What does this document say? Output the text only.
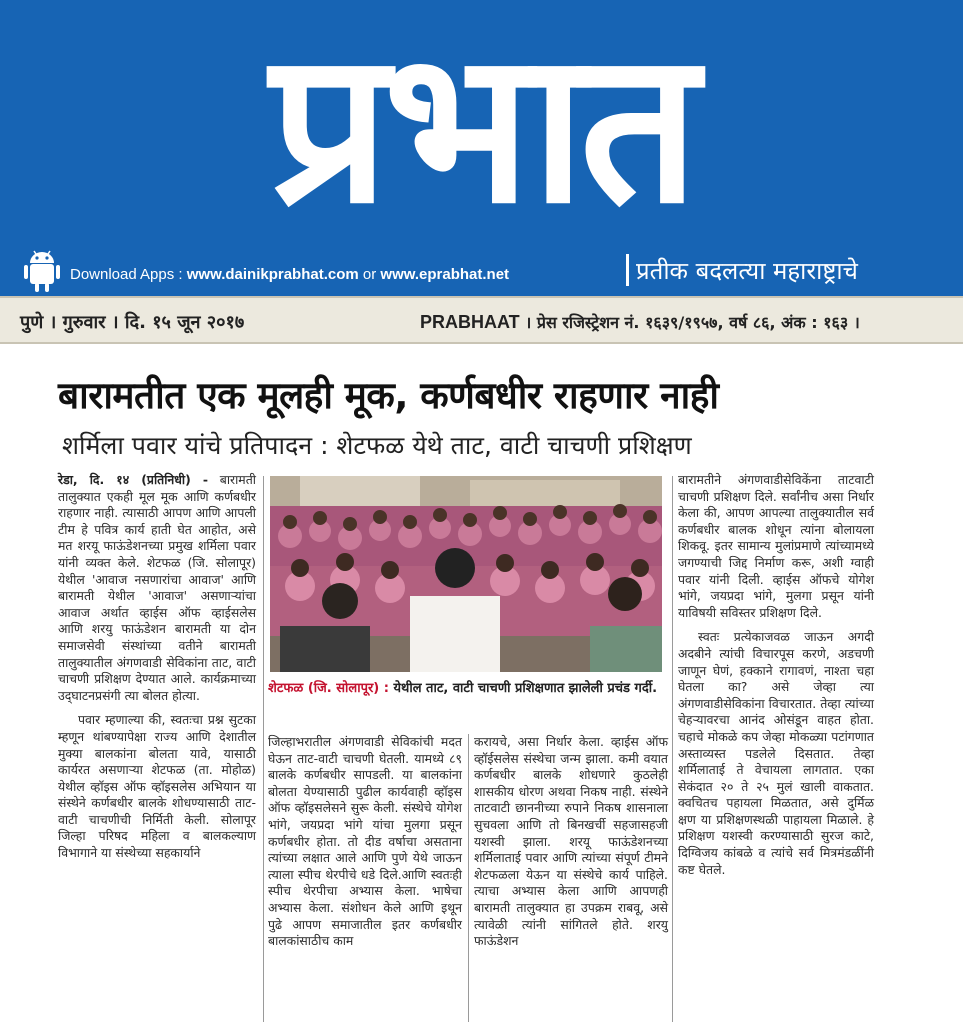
प्रभात
Download Apps : www.dainikprabhat.com or www.eprabhat.net	प्रतीक बदलत्या महाराष्ट्राचे
पुणे । गुरुवार । दि. १५ जून २०१७	PRABHAAT । प्रेस रजिस्ट्रेशन नं. १६३९/१९५७, वर्ष ८६, अंक : १६३ ।
बारामतीत एक मूलही मूक, कर्णबधीर राहणार नाही
शर्मिला पवार यांचे प्रतिपादन : शेटफळ येथे ताट, वाटी चाचणी प्रशिक्षण

रेडा, दि. १४ (प्रतिनिधी) - बारामती तालुक्यात एकही मूल मूक आणि कर्णबधीर राहणार नाही. त्यासाठी आपण आणि आपली टीम हे पवित्र कार्य हाती घेत आहोत, असे मत शरयू फाऊंडेशनच्या प्रमुख शर्मिला पवार यांनी व्यक्त केले. शेटफळ (जि. सोलापूर) येथील 'आवाज नसणारांचा आवाज' आणि बारामती येथील 'आवाज' असणाऱ्यांचा आवाज अर्थात व्हाईस ऑफ व्हाईसलेस आणि शरयु फाऊंडेशन बारामती या दोन समाजसेवी संस्थांच्या वतीने बारामती तालुक्यातील अंगणवाडी सेविकांना ताट, वाटी चाचणी प्रशिक्षण देण्यात आले. कार्यक्रमाच्या उद्‌घाटनप्रसंगी त्या बोलत होत्या.

पवार म्हणाल्या की, स्वतःचा प्रश्न सुटका म्हणून थांबण्यापेक्षा राज्य आणि देशातील मुक्या बालकांना बोलता यावे, यासाठी कार्यरत असणाऱ्या शेटफळ (ता. मोहोळ) येथील व्हॉइस ऑफ व्हॉइसलेस अभियान या संस्थेने कर्णबधीर बालके शोधण्यासाठी ताट-वाटी चाचणीची निर्मिती केली. सोलापूर जिल्हा परिषद महिला व बालकल्याण विभागाने या संस्थेच्या सहकार्याने

शेटफळ (जि. सोलापूर) : येथील ताट, वाटी चाचणी प्रशिक्षणात झालेली प्रचंड गर्दी.

जिल्हाभरातील अंगणवाडी सेविकांची मदत घेऊन ताट-वाटी चाचणी घेतली. यामध्ये ८९ बालके कर्णबधीर सापडली. या बालकांना बोलता येण्यासाठी पुढील कार्यवाही व्हॉइस ऑफ व्हॉइसलेसने सुरू केली. संस्थेचे योगेश भांगे, जयप्रदा भांगे यांचा मुलगा प्रसून कर्णबधीर होता. तो दीड वर्षाचा असताना त्यांच्या लक्षात आले आणि पुणे येथे जाऊन त्याला स्पीच थेरपीचे धडे दिले.आणि स्वतःही स्पीच थेरपीचा अभ्यास केला. भाषेचा अभ्यास केला. संशोधन केले आणि इथून पुढे आपण समाजातील इतर कर्णबधीर बालकांसाठीच काम

करायचे, असा निर्धार केला. व्हाईस ऑफ व्हॉईसलेस संस्थेचा जन्म झाला. कमी वयात कर्णबधीर बालके शोधणारे कुठलेही शासकीय धोरण अथवा निकष नाही. संस्थेने ताटवाटी छाननीच्या रुपाने निकष शासनाला सुचवला आणि तो बिनखर्ची सहजासहजी यशस्वी झाला. शरयू फाऊंडेशनच्या शर्मिलाताई पवार आणि त्यांच्या संपूर्ण टीमने शेटफळला येऊन या संस्थेचे कार्य पाहिले. त्याचा अभ्यास केला आणि आपणही बारामती तालुक्यात हा उपक्रम राबवू, असे त्यावेळी त्यांनी सांगितले होते. शरयु फाऊंडेशन

बारामतीने अंगणवाडीसेविकेंना ताटवाटी चाचणी प्रशिक्षण दिले. सर्वांनीच असा निर्धार केला की, आपण आपल्या तालुक्यातील सर्व कर्णबधीर बालक शोधून त्यांना बोलायला शिकवू. इतर सामान्य मुलांप्रमाणे त्यांच्यामध्ये जगण्याची जिद्द निर्माण करू, अशी ग्वाही पवार यांनी दिली. व्हाईस ऑफचे योगेश भांगे, जयप्रदा भांगे, मुलगा प्रसून यांनी याविषयी सविस्तर प्रशिक्षण दिले.

स्वतः प्रत्येकाजवळ जाऊन अगदी अदबीने त्यांची विचारपूस करणे, अडचणी जाणून घेणं, हक्काने रागावणं, नाश्ता चहा घेतला का? असे जेव्हा त्या अंगणवाडीसेविकांना विचारतात. तेव्हा त्यांच्या चेहऱ्यावरचा आनंद ओसंडून वाहत होता. चहाचे मोकळे कप जेव्हा मोकळ्या पटांगणात अस्ताव्यस्त पडलेले दिसतात. तेव्हा शर्मिलाताई ते वेचायला लागतात. एका सेकंदात २० ते २५ मुलं खाली वाकतात. क्वचितच पहायला मिळतात, असे दुर्मिळ क्षण या प्रशिक्षणस्थळी पाहायला मिळाले. हे प्रशिक्षण यशस्वी करण्यासाठी सुरज काटे, दिग्विजय कांबळे व त्यांचे सर्व मित्रमंडळींनी कष्ट घेतले.
